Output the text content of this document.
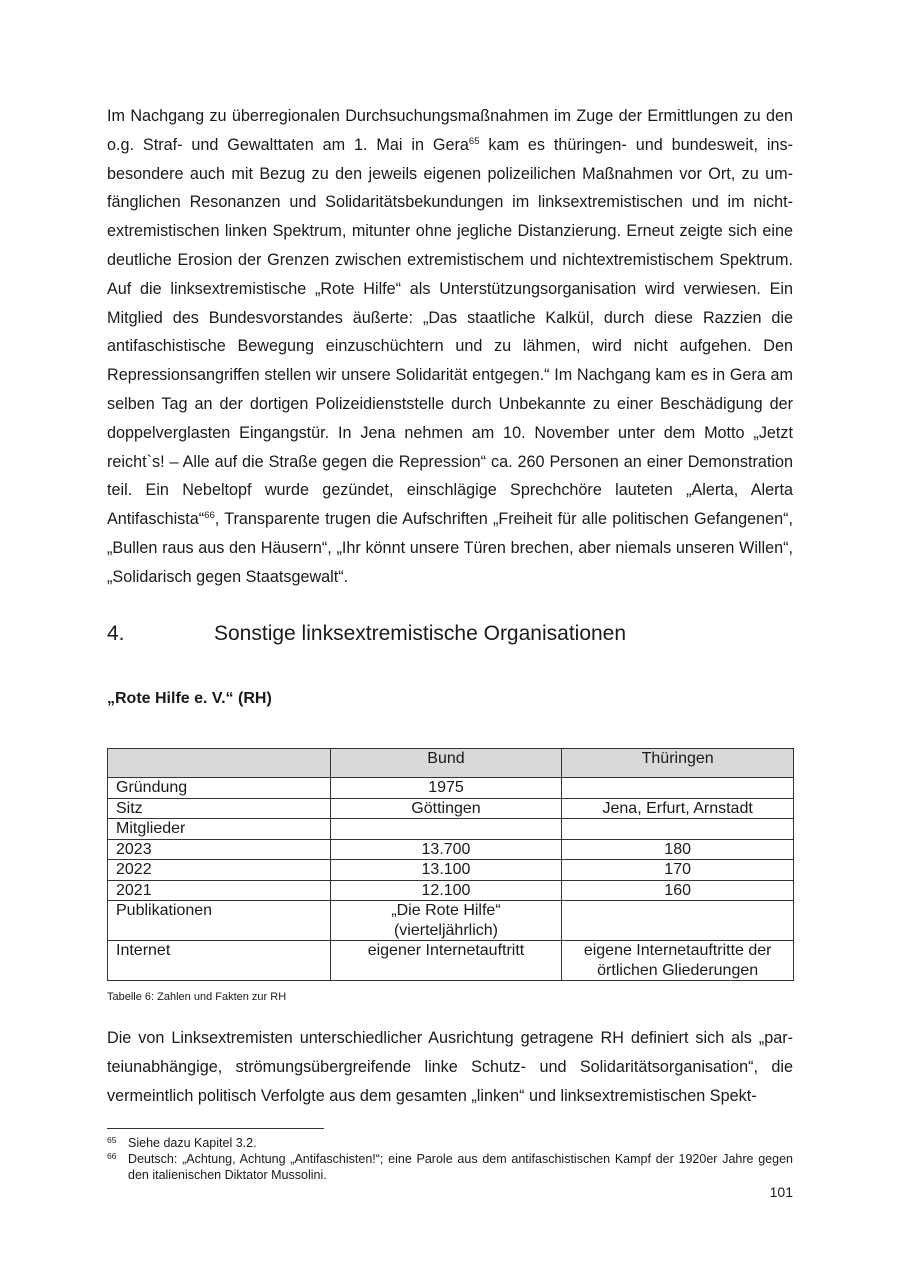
Im Nachgang zu überregionalen Durchsuchungsmaßnahmen im Zuge der Ermittlungen zu den o.g. Straf- und Gewalttaten am 1. Mai in Gera$^{65}$ kam es thüringen- und bundesweit, insbesondere auch mit Bezug zu den jeweils eigenen polizeilichen Maßnahmen vor Ort, zu umfänglichen Resonanzen und Solidaritätsbekundungen im linksextremistischen und im nichtextremistischen linken Spektrum, mitunter ohne jegliche Distanzierung. Erneut zeigte sich eine deutliche Erosion der Grenzen zwischen extremistischem und nichtextremistischem Spektrum. Auf die linksextremistische „Rote Hilfe“ als Unterstützungsorganisation wird verwiesen. Ein Mitglied des Bundesvorstandes äußerte: „Das staatliche Kalkül, durch diese Razzien die antifaschistische Bewegung einzuschüchtern und zu lähmen, wird nicht aufgehen. Den Repressionsangriffen stellen wir unsere Solidarität entgegen.“ Im Nachgang kam es in Gera am selben Tag an der dortigen Polizeidienststelle durch Unbekannte zu einer Beschädigung der doppelverglasten Eingangstür. In Jena nehmen am 10. November unter dem Motto „Jetzt reicht`s! – Alle auf die Straße gegen die Repression“ ca. 260 Personen an einer Demonstration teil. Ein Nebeltopf wurde gezündet, einschlägige Sprechchöre lauteten „Alerta, Alerta Antifaschista“$^{66}$, Transparente trugen die Aufschriften „Freiheit für alle politischen Gefangenen“, „Bullen raus aus den Häusern“, „Ihr könnt unsere Türen brechen, aber niemals unseren Willen“, „Solidarisch gegen Staatsgewalt“.

4.	Sonstige linksextremistische Organisationen
„Rote Hilfe e. V.“ (RH)
	Bund	Thüringen
Gründung	1975	
Sitz	Göttingen	Jena, Erfurt, Arnstadt
Mitglieder		
2023	13.700	180
2022	13.100	170
2021	12.100	160
Publikationen	„Die Rote Hilfe“ (vierteljährlich)	
Internet	eigener Internetauftritt	eigene Internetauftritte der örtlichen Gliederungen

Tabelle 6: Zahlen und Fakten zur RH

Die von Linksextremisten unterschiedlicher Ausrichtung getragene RH definiert sich als „parteiunabhängige, strömungsübergreifende linke Schutz- und Solidaritätsorganisation“, die vermeintlich politisch Verfolgte aus dem gesamten „linken“ und linksextremistischen Spekt-

65 Siehe dazu Kapitel 3.2.
66 Deutsch: „Achtung, Achtung „Antifaschisten!“; eine Parole aus dem antifaschistischen Kampf der 1920er Jahre gegen den italienischen Diktator Mussolini.

101
